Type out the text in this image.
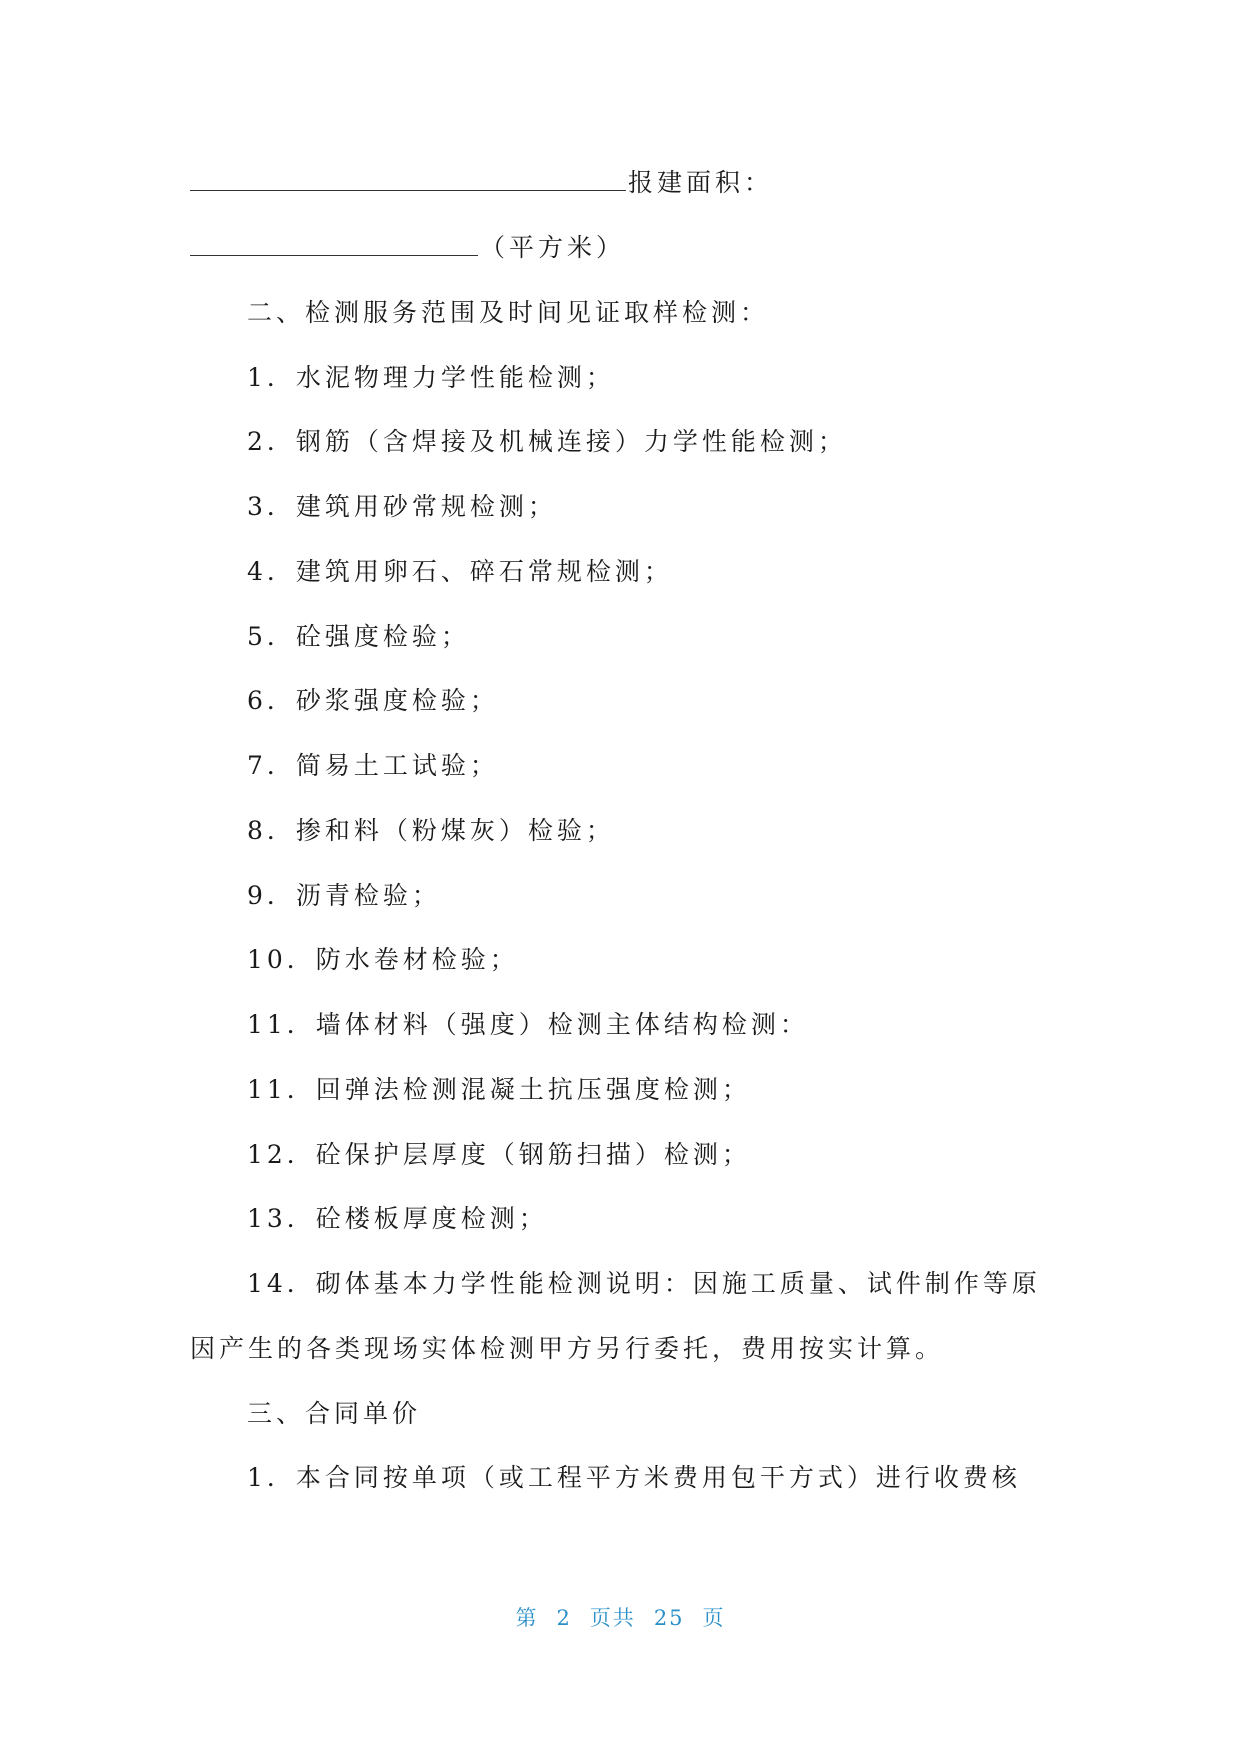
报建面积：
（平方米）
二、检测服务范围及时间见证取样检测：
1．水泥物理力学性能检测；
2．钢筋（含焊接及机械连接）力学性能检测；
3．建筑用砂常规检测；
4．建筑用卵石、碎石常规检测；
5．砼强度检验；
6．砂浆强度检验；
7．简易土工试验；
8．掺和料（粉煤灰）检验；
9．沥青检验；
10．防水卷材检验；
11．墙体材料（强度）检测主体结构检测：
11．回弹法检测混凝土抗压强度检测；
12．砼保护层厚度（钢筋扫描）检测；
13．砼楼板厚度检测；
14．砌体基本力学性能检测说明：因施工质量、试件制作等原
因产生的各类现场实体检测甲方另行委托，费用按实计算。
三、合同单价
1．本合同按单项（或工程平方米费用包干方式）进行收费核
第 2 页共 25 页
